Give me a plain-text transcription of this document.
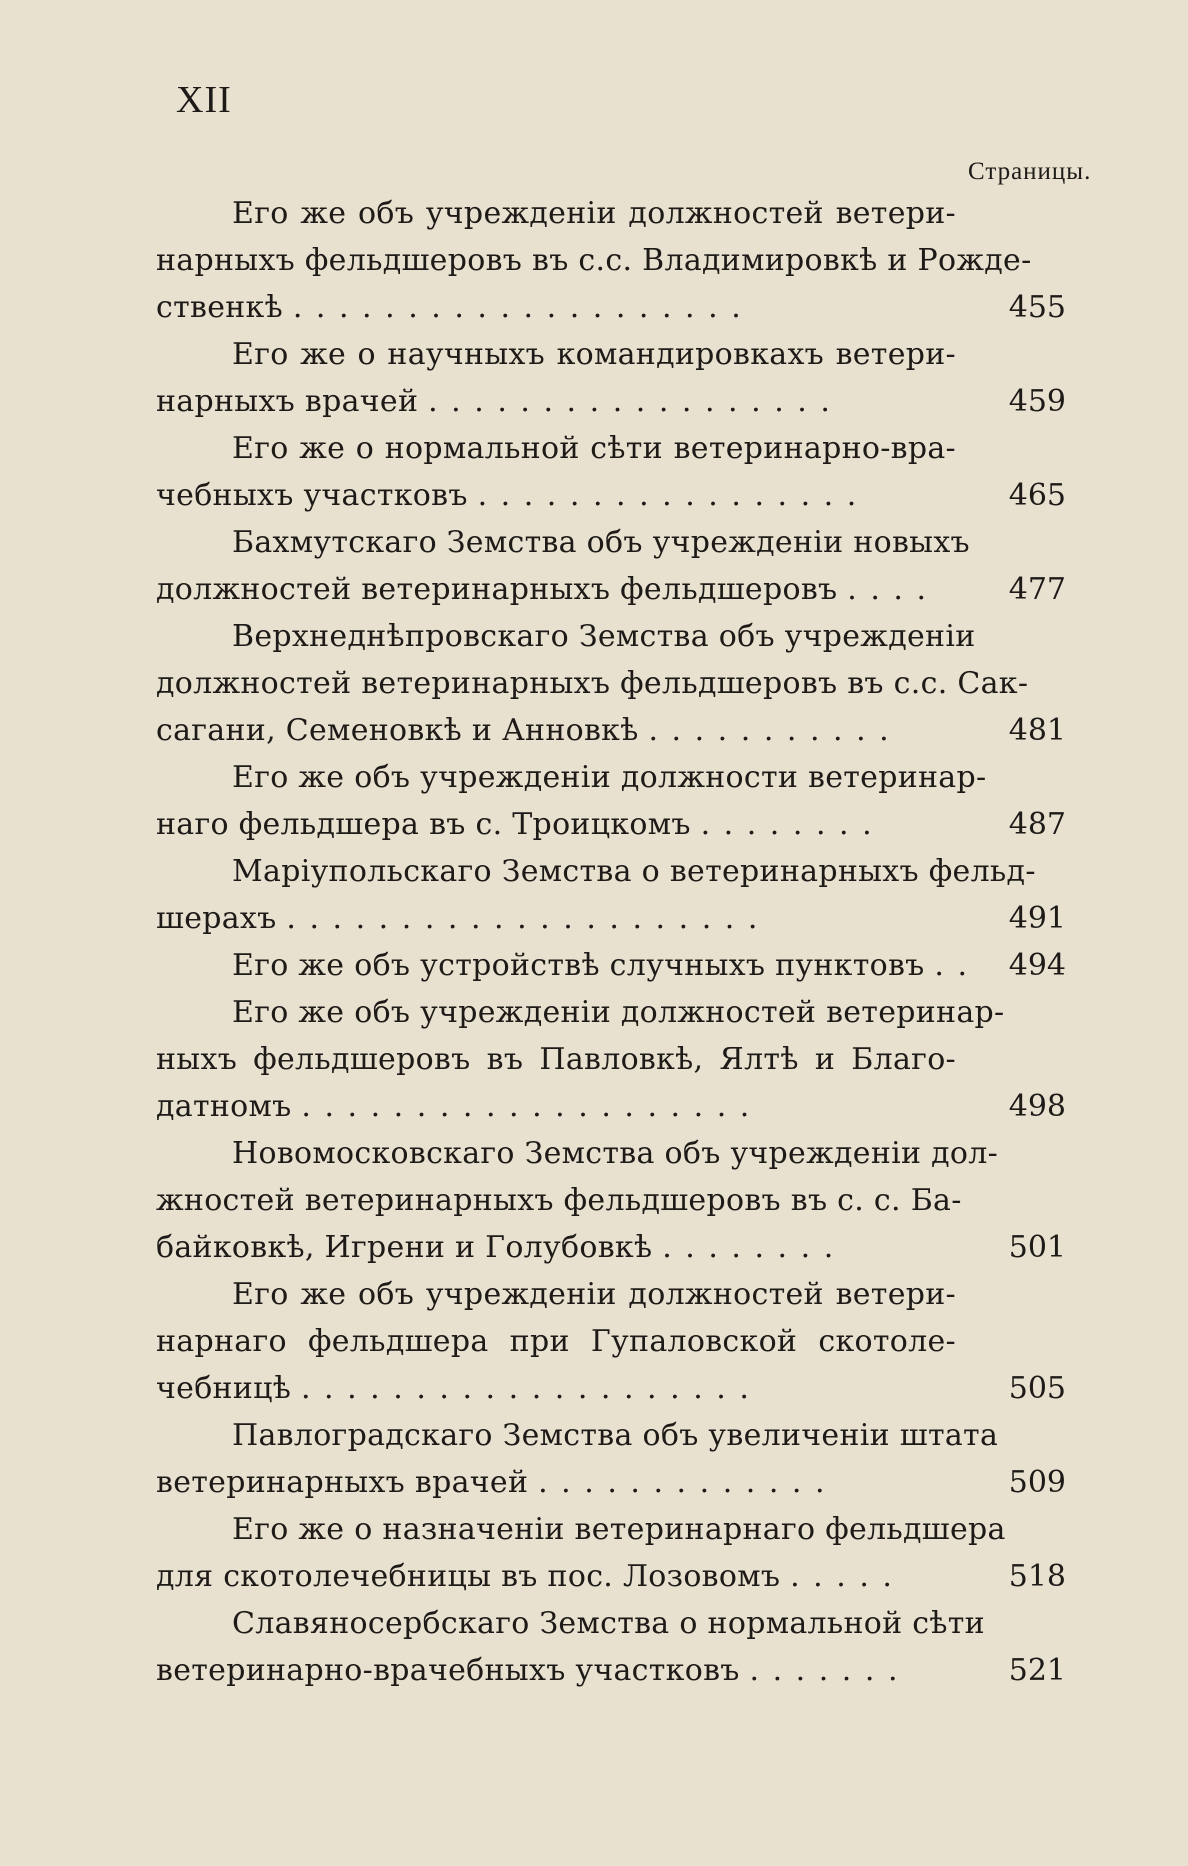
XII
Страницы.
Его же объ учрежденіи должностей ветери-
нарныхъ фельдшеровъ въ с.с. Владимировкѣ и Рожде-
ственкѣ . . . . . . . . . . . . . . . . . . . .	455
Его же о научныхъ командировкахъ ветери-
нарныхъ врачей . . . . . . . . . . . . . . . . . .	459
Его же о нормальной сѣти ветеринарно-вра-
чебныхъ участковъ . . . . . . . . . . . . . . . . .	465
Бахмутскаго Земства объ учрежденіи новыхъ
должностей ветеринарныхъ фельдшеровъ . . . .	477
Верхнеднѣпровскаго Земства объ учрежденіи
должностей ветеринарныхъ фельдшеровъ въ с.с. Сак-
сагани, Семеновкѣ и Анновкѣ . . . . . . . . . . .	481
Его же объ учрежденіи должности ветеринар-
наго фельдшера въ с. Троицкомъ . . . . . . . .	487
Маріупольскаго Земства о ветеринарныхъ фельд-
шерахъ . . . . . . . . . . . . . . . . . . . . .	491
Его же объ устройствѣ случныхъ пунктовъ . . 494
Его же объ учрежденіи должностей ветеринар-
ныхъ фельдшеровъ въ Павловкѣ, Ялтѣ и Благо-
датномъ . . . . . . . . . . . . . . . . . . . .	498
Новомосковскаго Земства объ учрежденіи дол-
жностей ветеринарныхъ фельдшеровъ въ с. с. Ба-
байковкѣ, Игрени и Голубовкѣ . . . . . . . .	501
Его же объ учрежденіи должностей ветери-
нарнаго фельдшера при Гупаловской скотоле-
чебницѣ . . . . . . . . . . . . . . . . . . . .	505
Павлоградскаго Земства объ увеличеніи штата
ветеринарныхъ врачей . . . . . . . . . . . . .	509
Его же о назначеніи ветеринарнаго фельдшера
для скотолечебницы въ пос. Лозовомъ . . . . .	518
Славяносербскаго Земства о нормальной сѣти
ветеринарно-врачебныхъ участковъ . . . . . . .	521
